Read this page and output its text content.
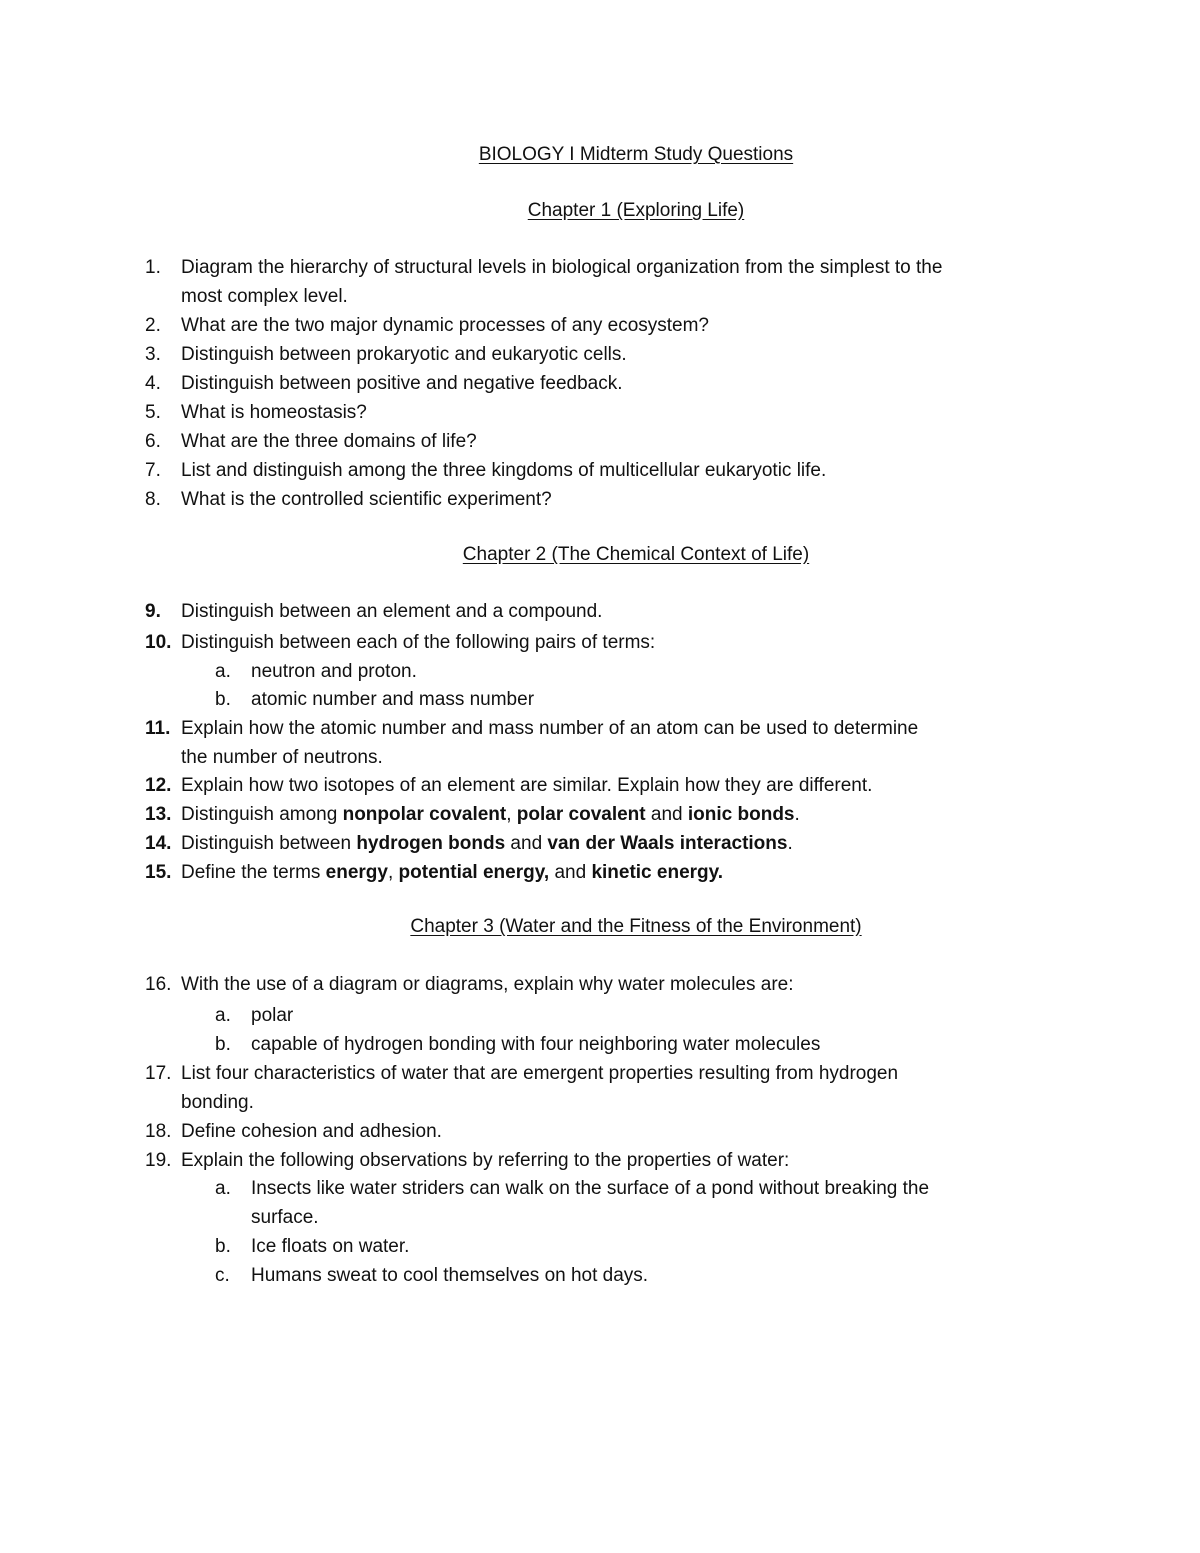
BIOLOGY I Midterm Study Questions
Chapter 1 (Exploring Life)
1. Diagram the hierarchy of structural levels in biological organization from the simplest to the
most complex level.
2. What are the two major dynamic processes of any ecosystem?
3. Distinguish between prokaryotic and eukaryotic cells.
4. Distinguish between positive and negative feedback.
5. What is homeostasis?
6. What are the three domains of life?
7. List and distinguish among the three kingdoms of multicellular eukaryotic life.
8. What is the controlled scientific experiment?
Chapter 2 (The Chemical Context of Life)
9. Distinguish between an element and a compound.
10. Distinguish between each of the following pairs of terms:
a. neutron and proton.
b. atomic number and mass number
11. Explain how the atomic number and mass number of an atom can be used to determine
the number of neutrons.
12. Explain how two isotopes of an element are similar. Explain how they are different.
13. Distinguish among nonpolar covalent, polar covalent and ionic bonds.
14. Distinguish between hydrogen bonds and van der Waals interactions.
15. Define the terms energy, potential energy, and kinetic energy.
Chapter 3 (Water and the Fitness of the Environment)
16. With the use of a diagram or diagrams, explain why water molecules are:
a. polar
b. capable of hydrogen bonding with four neighboring water molecules
17. List four characteristics of water that are emergent properties resulting from hydrogen
bonding.
18. Define cohesion and adhesion.
19. Explain the following observations by referring to the properties of water:
a. Insects like water striders can walk on the surface of a pond without breaking the
surface.
b. Ice floats on water.
c. Humans sweat to cool themselves on hot days.
